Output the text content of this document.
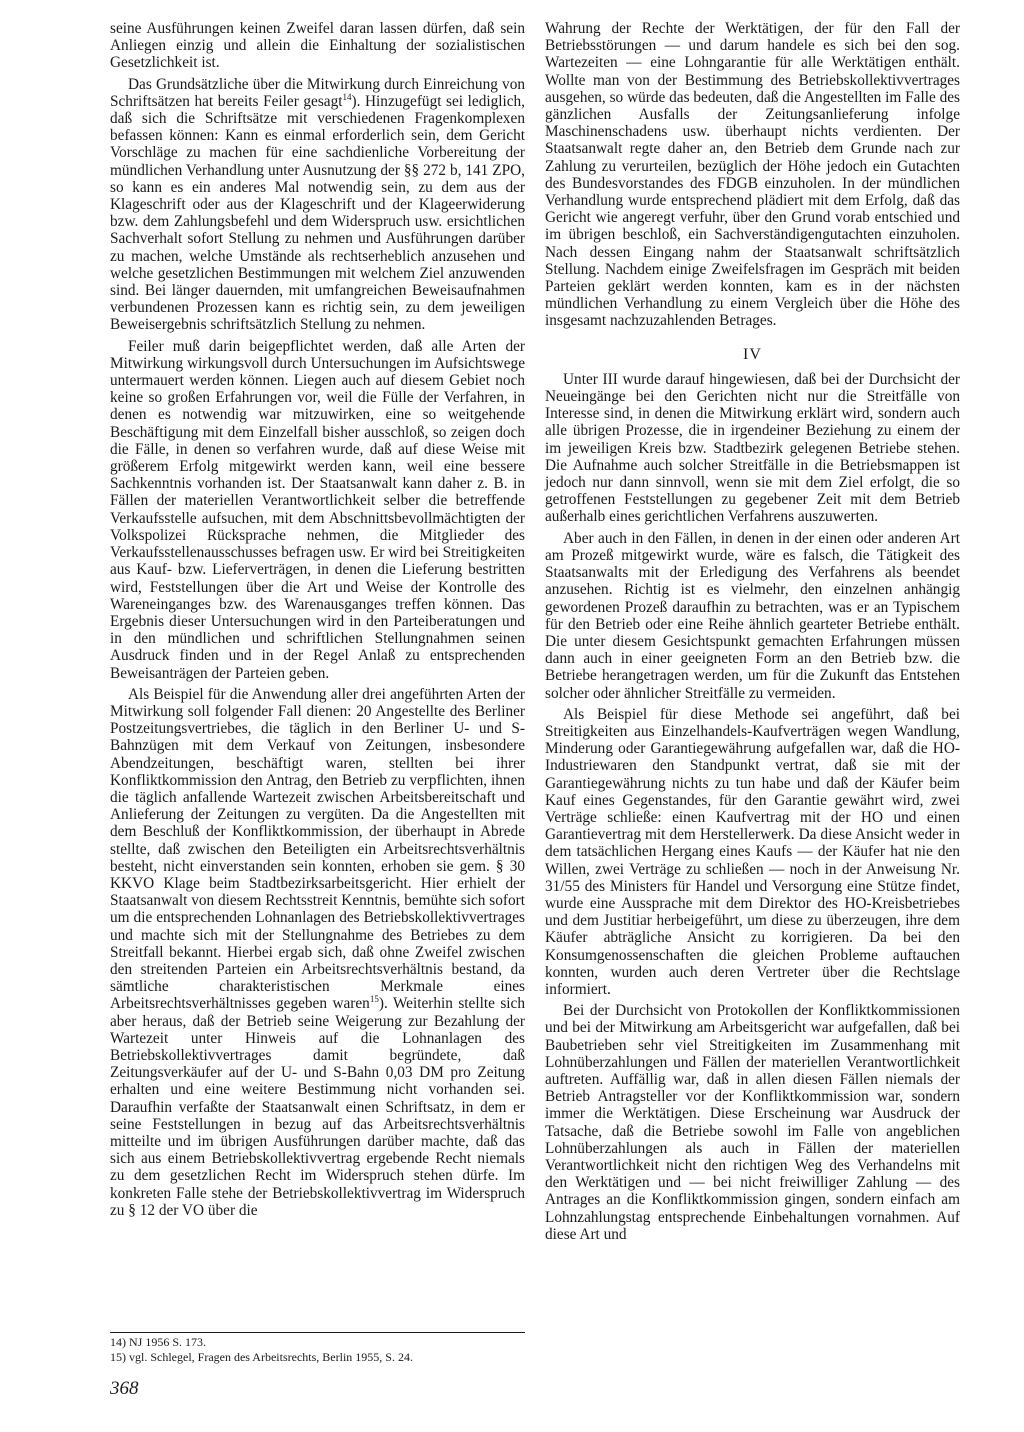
seine Ausführungen keinen Zweifel daran lassen dürfen, daß sein Anliegen einzig und allein die Einhaltung der sozialistischen Gesetzlichkeit ist.

Das Grundsätzliche über die Mitwirkung durch Einreichung von Schriftsätzen hat bereits Feiler gesagt$^{14}$). Hinzugefügt sei lediglich, daß sich die Schriftsätze mit verschiedenen Fragenkomplexen befassen können: Kann es einmal erforderlich sein, dem Gericht Vorschläge zu machen für eine sachdienliche Vorbereitung der mündlichen Verhandlung unter Ausnutzung der §§ 272 b, 141 ZPO, so kann es ein anderes Mal notwendig sein, zu dem aus der Klageschrift oder aus der Klageschrift und der Klageerwiderung bzw. dem Zahlungsbefehl und dem Widerspruch usw. ersichtlichen Sachverhalt sofort Stellung zu nehmen und Ausführungen darüber zu machen, welche Umstände als rechtserheblich anzusehen und welche gesetzlichen Bestimmungen mit welchem Ziel anzuwenden sind. Bei länger dauernden, mit umfangreichen Beweisaufnahmen verbundenen Prozessen kann es richtig sein, zu dem jeweiligen Beweisergebnis schriftsätzlich Stellung zu nehmen.

Feiler muß darin beigepflichtet werden, daß alle Arten der Mitwirkung wirkungsvoll durch Untersuchungen im Aufsichtswege untermauert werden können. Liegen auch auf diesem Gebiet noch keine so großen Erfahrungen vor, weil die Fülle der Verfahren, in denen es notwendig war mitzuwirken, eine so weitgehende Beschäftigung mit dem Einzelfall bisher ausschloß, so zeigen doch die Fälle, in denen so verfahren wurde, daß auf diese Weise mit größerem Erfolg mitgewirkt werden kann, weil eine bessere Sachkenntnis vorhanden ist. Der Staatsanwalt kann daher z. B. in Fällen der materiellen Verantwortlichkeit selber die betreffende Verkaufsstelle aufsuchen, mit dem Abschnittsbevollmächtigten der Volkspolizei Rücksprache nehmen, die Mitglieder des Verkaufsstellenausschusses befragen usw. Er wird bei Streitigkeiten aus Kauf- bzw. Lieferverträgen, in denen die Lieferung bestritten wird, Feststellungen über die Art und Weise der Kontrolle des Wareneinganges bzw. des Warenausganges treffen können. Das Ergebnis dieser Untersuchungen wird in den Parteiberatungen und in den mündlichen und schriftlichen Stellungnahmen seinen Ausdruck finden und in der Regel Anlaß zu entsprechenden Beweisanträgen der Parteien geben.

Als Beispiel für die Anwendung aller drei angeführten Arten der Mitwirkung soll folgender Fall dienen: 20 Angestellte des Berliner Postzeitungsvertriebes, die täglich in den Berliner U- und S-Bahnzügen mit dem Verkauf von Zeitungen, insbesondere Abendzeitungen, beschäftigt waren, stellten bei ihrer Konfliktkommission den Antrag, den Betrieb zu verpflichten, ihnen die täglich anfallende Wartezeit zwischen Arbeitsbereitschaft und Anlieferung der Zeitungen zu vergüten. Da die Angestellten mit dem Beschluß der Konfliktkommission, der überhaupt in Abrede stellte, daß zwischen den Beteiligten ein Arbeitsrechtsverhältnis besteht, nicht einverstanden sein konnten, erhoben sie gem. § 30 KKVO Klage beim Stadtbezirksarbeitsgericht. Hier erhielt der Staatsanwalt von diesem Rechtsstreit Kenntnis, bemühte sich sofort um die entsprechenden Lohnanlagen des Betriebskollektivvertrages und machte sich mit der Stellungnahme des Betriebes zu dem Streitfall bekannt. Hierbei ergab sich, daß ohne Zweifel zwischen den streitenden Parteien ein Arbeitsrechtsverhältnis bestand, da sämtliche charakteristischen Merkmale eines Arbeitsrechtsverhältnisses gegeben waren$^{15}$). Weiterhin stellte sich aber heraus, daß der Betrieb seine Weigerung zur Bezahlung der Wartezeit unter Hinweis auf die Lohnanlagen des Betriebskollektivvertrages damit begründete, daß Zeitungsverkäufer auf der U- und S-Bahn 0,03 DM pro Zeitung erhalten und eine weitere Bestimmung nicht vorhanden sei. Daraufhin verfaßte der Staatsanwalt einen Schriftsatz, in dem er seine Feststellungen in bezug auf das Arbeitsrechtsverhältnis mitteilte und im übrigen Ausführungen darüber machte, daß das sich aus einem Betriebskollektivvertrag ergebende Recht niemals zu dem gesetzlichen Recht im Widerspruch stehen dürfe. Im konkreten Falle stehe der Betriebskollektivvertrag im Widerspruch zu § 12 der VO über die

Wahrung der Rechte der Werktätigen, der für den Fall der Betriebsstörungen — und darum handele es sich bei den sog. Wartezeiten — eine Lohngarantie für alle Werktätigen enthält. Wollte man von der Bestimmung des Betriebskollektivvertrages ausgehen, so würde das bedeuten, daß die Angestellten im Falle des gänzlichen Ausfalls der Zeitungsanlieferung infolge Maschinenschadens usw. überhaupt nichts verdienten. Der Staatsanwalt regte daher an, den Betrieb dem Grunde nach zur Zahlung zu verurteilen, bezüglich der Höhe jedoch ein Gutachten des Bundesvorstandes des FDGB einzuholen. In der mündlichen Verhandlung wurde entsprechend plädiert mit dem Erfolg, daß das Gericht wie angeregt verfuhr, über den Grund vorab entschied und im übrigen beschloß, ein Sachverständigengutachten einzuholen. Nach dessen Eingang nahm der Staatsanwalt schriftsätzlich Stellung. Nachdem einige Zweifelsfragen im Gespräch mit beiden Parteien geklärt werden konnten, kam es in der nächsten mündlichen Verhandlung zu einem Vergleich über die Höhe des insgesamt nachzuzahlenden Betrages.

IV

Unter III wurde darauf hingewiesen, daß bei der Durchsicht der Neueingänge bei den Gerichten nicht nur die Streitfälle von Interesse sind, in denen die Mitwirkung erklärt wird, sondern auch alle übrigen Prozesse, die in irgendeiner Beziehung zu einem der im jeweiligen Kreis bzw. Stadtbezirk gelegenen Betriebe stehen. Die Aufnahme auch solcher Streitfälle in die Betriebsmappen ist jedoch nur dann sinnvoll, wenn sie mit dem Ziel erfolgt, die so getroffenen Feststellungen zu gegebener Zeit mit dem Betrieb außerhalb eines gerichtlichen Verfahrens auszuwerten.

Aber auch in den Fällen, in denen in der einen oder anderen Art am Prozeß mitgewirkt wurde, wäre es falsch, die Tätigkeit des Staatsanwalts mit der Erledigung des Verfahrens als beendet anzusehen. Richtig ist es vielmehr, den einzelnen anhängig gewordenen Prozeß daraufhin zu betrachten, was er an Typischem für den Betrieb oder eine Reihe ähnlich gearteter Betriebe enthält. Die unter diesem Gesichtspunkt gemachten Erfahrungen müssen dann auch in einer geeigneten Form an den Betrieb bzw. die Betriebe herangetragen werden, um für die Zukunft das Entstehen solcher oder ähnlicher Streitfälle zu vermeiden.

Als Beispiel für diese Methode sei angeführt, daß bei Streitigkeiten aus Einzelhandels-Kaufverträgen wegen Wandlung, Minderung oder Garantiegewährung aufgefallen war, daß die HO-Industriewaren den Standpunkt vertrat, daß sie mit der Garantiegewährung nichts zu tun habe und daß der Käufer beim Kauf eines Gegenstandes, für den Garantie gewährt wird, zwei Verträge schließe: einen Kaufvertrag mit der HO und einen Garantievertrag mit dem Herstellerwerk. Da diese Ansicht weder in dem tatsächlichen Hergang eines Kaufs — der Käufer hat nie den Willen, zwei Verträge zu schließen — noch in der Anweisung Nr. 31/55 des Ministers für Handel und Versorgung eine Stütze findet, wurde eine Aussprache mit dem Direktor des HO-Kreisbetriebes und dem Justitiar herbeigeführt, um diese zu überzeugen, ihre dem Käufer abträgliche Ansicht zu korrigieren. Da bei den Konsumgenossenschaften die gleichen Probleme auftauchen konnten, wurden auch deren Vertreter über die Rechtslage informiert.

Bei der Durchsicht von Protokollen der Konfliktkommissionen und bei der Mitwirkung am Arbeitsgericht war aufgefallen, daß bei Baubetrieben sehr viel Streitigkeiten im Zusammenhang mit Lohnüberzahlungen und Fällen der materiellen Verantwortlichkeit auftreten. Auffällig war, daß in allen diesen Fällen niemals der Betrieb Antragsteller vor der Konfliktkommission war, sondern immer die Werktätigen. Diese Erscheinung war Ausdruck der Tatsache, daß die Betriebe sowohl im Falle von angeblichen Lohnüberzahlungen als auch in Fällen der materiellen Verantwortlichkeit nicht den richtigen Weg des Verhandelns mit den Werktätigen und — bei nicht freiwilliger Zahlung — des Antrages an die Konfliktkommission gingen, sondern einfach am Lohnzahlungstag entsprechende Einbehaltungen vornahmen. Auf diese Art und

14) NJ 1956 S. 173.
15) vgl. Schlegel, Fragen des Arbeitsrechts, Berlin 1955, S. 24.
368
